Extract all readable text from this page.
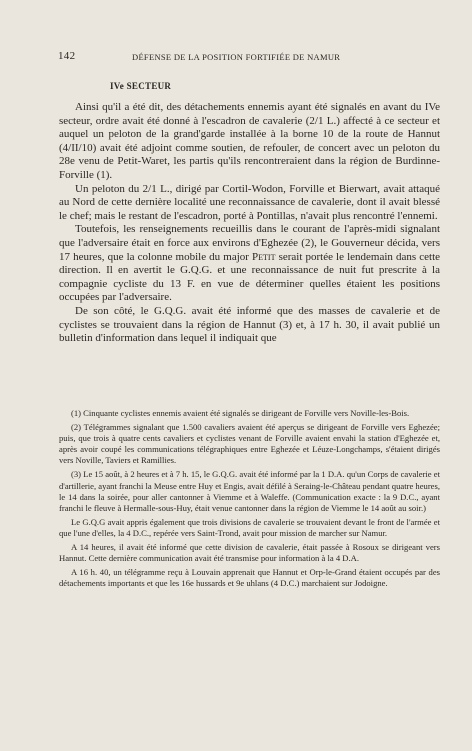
142	DÉFENSE DE LA POSITION FORTIFIÉE DE NAMUR
IVe SECTEUR

Ainsi qu'il a été dit, des détachements ennemis ayant été signalés en avant du IVe secteur, ordre avait été donné à l'escadron de cavalerie (2/1 L.) affecté à ce secteur et auquel un peloton de la grand'garde installée à la borne 10 de la route de Hannut (4/II/10) avait été adjoint comme soutien, de refouler, de concert avec un peloton du 28e venu de Petit-Waret, les partis qu'ils rencontreraient dans la région de Burdinne-Forville (1).

Un peloton du 2/1 L., dirigé par Cortil-Wodon, Forville et Bierwart, avait attaqué au Nord de cette dernière localité une reconnaissance de cavalerie, dont il avait blessé le chef; mais le restant de l'escadron, porté à Pontillas, n'avait plus rencontré l'ennemi.

Toutefois, les renseignements recueillis dans le courant de l'après-midi signalant que l'adversaire était en force aux environs d'Eghezée (2), le Gouverneur décida, vers 17 heures, que la colonne mobile du major Petit serait portée le lendemain dans cette direction. Il en avertit le G.Q.G. et une reconnaissance de nuit fut prescrite à la compagnie cycliste du 13 F. en vue de déterminer quelles étaient les positions occupées par l'adversaire.

De son côté, le G.Q.G. avait été informé que des masses de cavalerie et de cyclistes se trouvaient dans la région de Hannut (3) et, à 17 h. 30, il avait publié un bulletin d'information dans lequel il indiquait que

(1) Cinquante cyclistes ennemis avaient été signalés se dirigeant de Forville vers Noville-les-Bois.

(2) Télégrammes signalant que 1.500 cavaliers avaient été aperçus se dirigeant de Forville vers Eghezée; puis, que trois à quatre cents cavaliers et cyclistes venant de Forville avaient envahi la station d'Eghezée et, après avoir coupé les communications télégraphiques entre Eghezée et Léuze-Longchamps, s'étaient dirigés vers Noville, Taviers et Ramillies.

(3) Le 15 août, à 2 heures et à 7 h. 15, le G.Q.G. avait été informé par la 1 D.A. qu'un Corps de cavalerie et d'artillerie, ayant franchi la Meuse entre Huy et Engis, avait défilé à Seraing-le-Château pendant quatre heures, le 14 dans la soirée, pour aller cantonner à Viemme et à Waleffe. (Communication exacte : la 9 D.C., ayant franchi le fleuve à Hermalle-sous-Huy, était venue cantonner dans la région de Viemme le 14 août au soir.)

Le G.Q.G avait appris également que trois divisions de cavalerie se trouvaient devant le front de l'armée et que l'une d'elles, la 4 D.C., repérée vers Saint-Trond, avait pour mission de marcher sur Namur.

A 14 heures, il avait été informé que cette division de cavalerie, était passée à Rosoux se dirigeant vers Hannut. Cette dernière communication avait été transmise pour information à la 4 D.A.

A 16 h. 40, un télégramme reçu à Louvain apprenait que Hannut et Orp-le-Grand étaient occupés par des détachements importants et que les 16e hussards et 9e uhlans (4 D.C.) marchaient sur Jodoigne.
